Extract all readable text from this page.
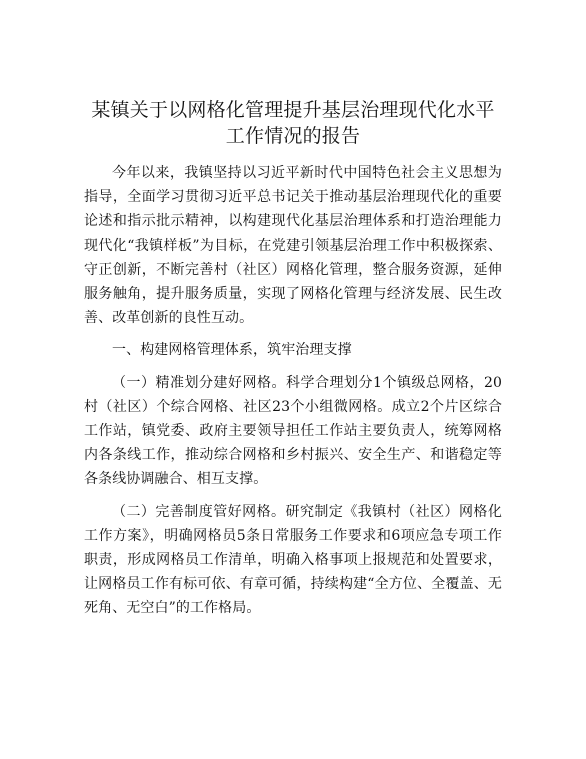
某镇关于以网格化管理提升基层治理现代化水平工作情况的报告

今年以来，我镇坚持以习近平新时代中国特色社会主义思想为指导，全面学习贯彻习近平总书记关于推动基层治理现代化的重要论述和指示批示精神，以构建现代化基层治理体系和打造治理能力现代化“我镇样板”为目标，在党建引领基层治理工作中积极探索、守正创新，不断完善村（社区）网格化管理，整合服务资源，延伸服务触角，提升服务质量，实现了网格化管理与经济发展、民生改善、改革创新的良性互动。

一、构建网格管理体系，筑牢治理支撑

（一）精准划分建好网格。科学合理划分1个镇级总网格，20村（社区）个综合网格、社区23个小组微网格。成立2个片区综合工作站，镇党委、政府主要领导担任工作站主要负责人，统筹网格内各条线工作，推动综合网格和乡村振兴、安全生产、和谐稳定等各条线协调融合、相互支撑。

（二）完善制度管好网格。研究制定《我镇村（社区）网格化工作方案》，明确网格员5条日常服务工作要求和6项应急专项工作职责，形成网格员工作清单，明确入格事项上报规范和处置要求，让网格员工作有标可依、有章可循，持续构建“全方位、全覆盖、无死角、无空白”的工作格局。
